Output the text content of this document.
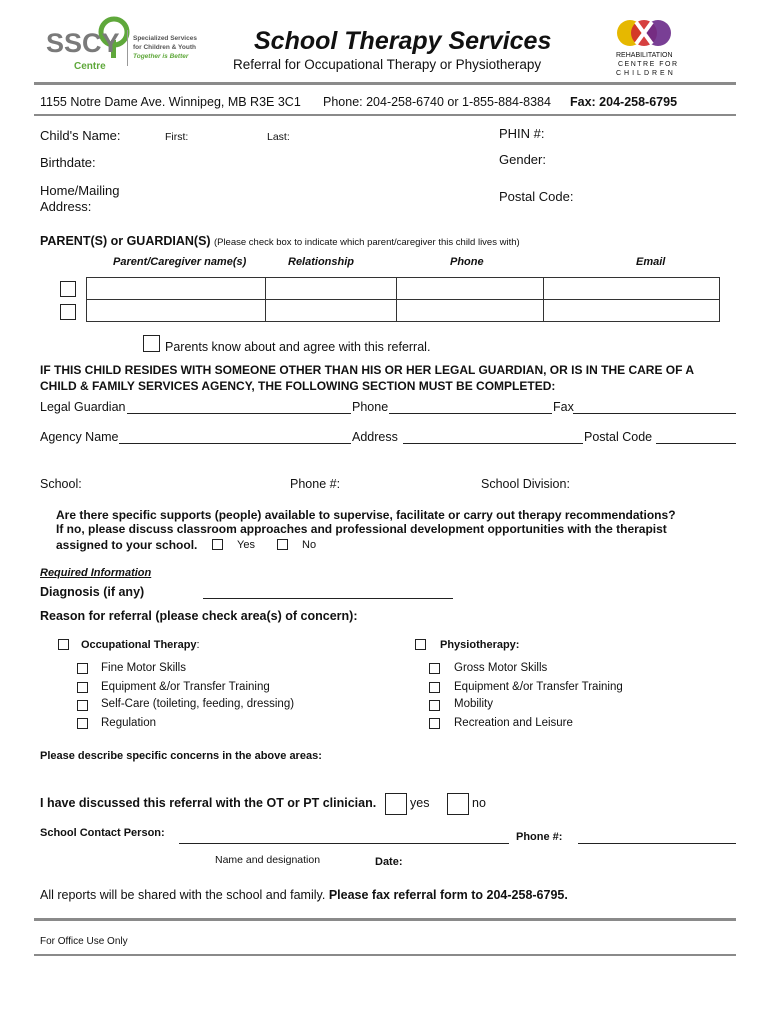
SSCY
Centre
Specialized Services
for Children & Youth
Together is Better
School Therapy Services
Referral for Occupational Therapy or Physiotherapy
REHABILITATION
CENTRE FOR
CHILDREN
1155 Notre Dame Ave. Winnipeg, MB R3E 3C1 Phone: 204-258-6740 or 1-855-884-8384 Fax: 204-258-6795
Child's Name:	First:	Last:	PHIN #:
Birthdate:	Gender:
Home/Mailing
Address:
Postal Code:
PARENT(S) or GUARDIAN(S) (Please check box to indicate which parent/caregiver this child lives with)
Parent/Caregiver name(s)	Relationship	Phone	Email

Parents know about and agree with this referral.
IF THIS CHILD RESIDES WITH SOMEONE OTHER THAN HIS OR HER LEGAL GUARDIAN, OR IS IN THE CARE OF A
CHILD & FAMILY SERVICES AGENCY, THE FOLLOWING SECTION MUST BE COMPLETED:
Legal Guardian	Phone	Fax
Agency Name	Address	Postal Code
School:	Phone #:	School Division:
Are there specific supports (people) available to supervise, facilitate or carry out therapy recommendations?
If no, please discuss classroom approaches and professional development opportunities with the therapist
assigned to your school.	Yes	No
Required Information
Diagnosis (if any)
Reason for referral (please check area(s) of concern):
Occupational Therapy:
Fine Motor Skills
Equipment &/or Transfer Training
Self-Care (toileting, feeding, dressing)
Regulation
Physiotherapy:
Gross Motor Skills
Equipment &/or Transfer Training
Mobility
Recreation and Leisure
Please describe specific concerns in the above areas:
I have discussed this referral with the OT or PT clinician.	yes	no
School Contact Person:	Phone #:
Name and designation	Date:
All reports will be shared with the school and family. Please fax referral form to 204-258-6795.
For Office Use Only
